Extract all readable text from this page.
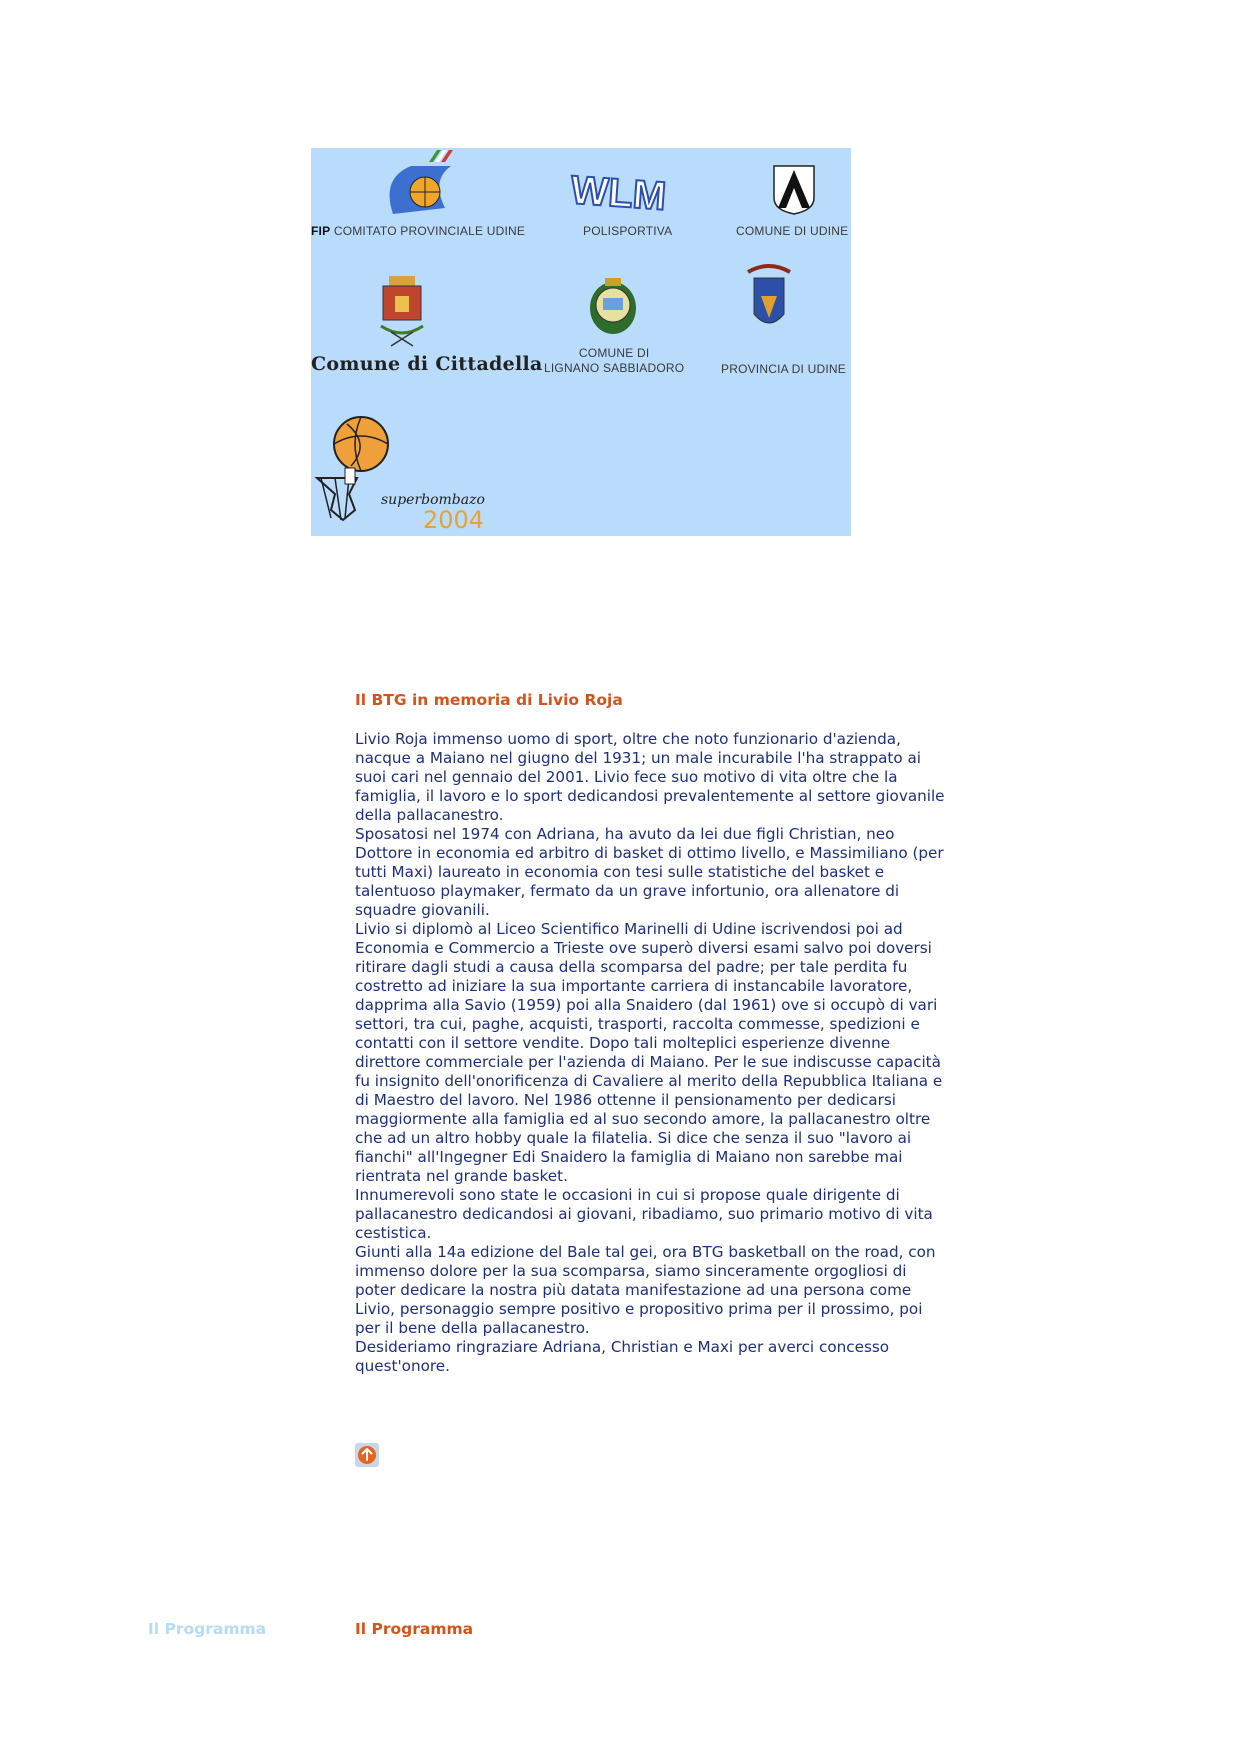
WLM
FIP COMITATO PROVINCIALE UDINE	POLISPORTIVA	COMUNE DI UDINE
Comune di Cittadella	COMUNE DI
LIGNANO SABBIADORO	PROVINCIA DI UDINE
superbombazo
2004
Il BTG in memoria di Livio Roja

Livio Roja immenso uomo di sport, oltre che noto funzionario d'azienda, nacque a Maiano nel giugno del 1931; un male incurabile l'ha strappato ai suoi cari nel gennaio del 2001. Livio fece suo motivo di vita oltre che la famiglia, il lavoro e lo sport dedicandosi prevalentemente al settore giovanile della pallacanestro.

Sposatosi nel 1974 con Adriana, ha avuto da lei due figli Christian, neo Dottore in economia ed arbitro di basket di ottimo livello, e Massimiliano (per tutti Maxi) laureato in economia con tesi sulle statistiche del basket e talentuoso playmaker, fermato da un grave infortunio, ora allenatore di squadre giovanili.

Livio si diplomò al Liceo Scientifico Marinelli di Udine iscrivendosi poi ad Economia e Commercio a Trieste ove superò diversi esami salvo poi doversi ritirare dagli studi a causa della scomparsa del padre; per tale perdita fu costretto ad iniziare la sua importante carriera di instancabile lavoratore, dapprima alla Savio (1959) poi alla Snaidero (dal 1961) ove si occupò di vari settori, tra cui, paghe, acquisti, trasporti, raccolta commesse, spedizioni e contatti con il settore vendite. Dopo tali molteplici esperienze divenne direttore commerciale per l'azienda di Maiano. Per le sue indiscusse capacità fu insignito dell'onorificenza di Cavaliere al merito della Repubblica Italiana e di Maestro del lavoro. Nel 1986 ottenne il pensionamento per dedicarsi maggiormente alla famiglia ed al suo secondo amore, la pallacanestro oltre che ad un altro hobby quale la filatelia. Si dice che senza il suo "lavoro ai fianchi" all'Ingegner Edi Snaidero la famiglia di Maiano non sarebbe mai rientrata nel grande basket.

Innumerevoli sono state le occasioni in cui si propose quale dirigente di pallacanestro dedicandosi ai giovani, ribadiamo, suo primario motivo di vita cestistica.

Giunti alla 14a edizione del Bale tal gei, ora BTG basketball on the road, con immenso dolore per la sua scomparsa, siamo sinceramente orgogliosi di poter dedicare la nostra più datata manifestazione ad una persona come Livio, personaggio sempre positivo e propositivo prima per il prossimo, poi per il bene della pallacanestro.

Desideriamo ringraziare Adriana, Christian e Maxi per averci concesso quest'onore.

Il Programma	Il Programma
